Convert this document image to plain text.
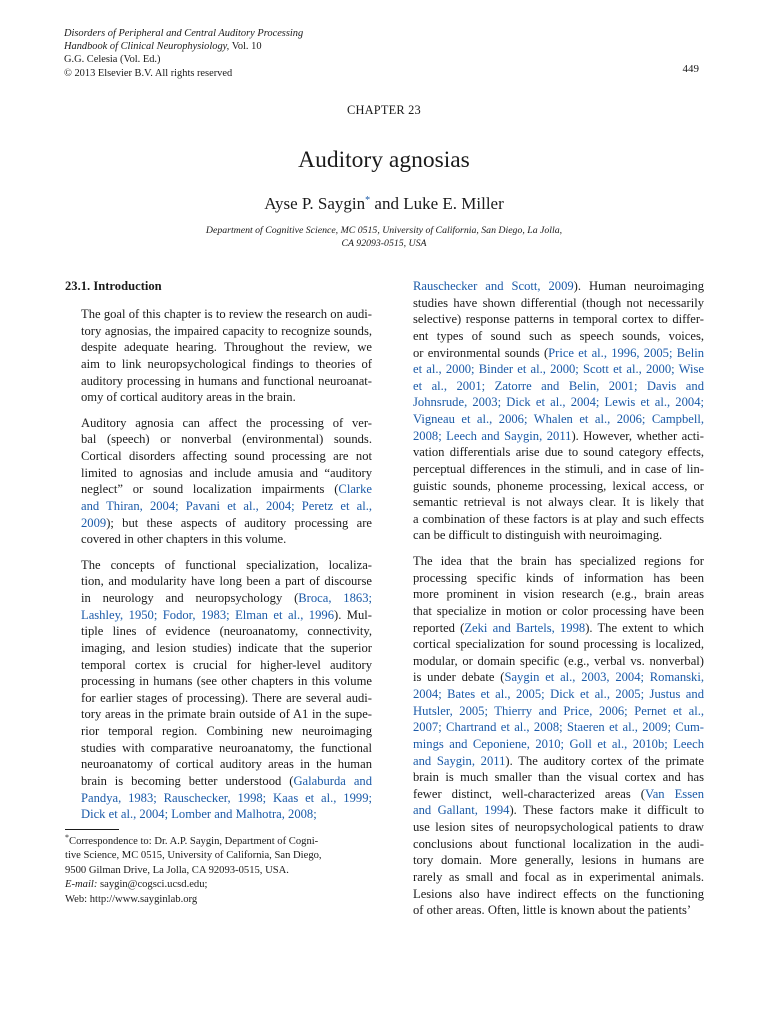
Disorders of Peripheral and Central Auditory Processing
Handbook of Clinical Neurophysiology, Vol. 10
G.G. Celesia (Vol. Ed.)
© 2013 Elsevier B.V. All rights reserved	449
CHAPTER 23
Auditory agnosias
Ayse P. Saygin* and Luke E. Miller
Department of Cognitive Science, MC 0515, University of California, San Diego, La Jolla,
CA 92093-0515, USA
23.1. Introduction
The goal of this chapter is to review the research on audi-
tory agnosias, the impaired capacity to recognize sounds,
despite adequate hearing. Throughout the review, we
aim to link neuropsychological findings to theories of
auditory processing in humans and functional neuroanat-
omy of cortical auditory areas in the brain.
Auditory agnosia can affect the processing of ver-
bal (speech) or nonverbal (environmental) sounds.
Cortical disorders affecting sound processing are not
limited to agnosias and include amusia and “auditory
neglect” or sound localization impairments (Clarke
and Thiran, 2004; Pavani et al., 2004; Peretz et al.,
2009); but these aspects of auditory processing are
covered in other chapters in this volume.
The concepts of functional specialization, localiza-
tion, and modularity have long been a part of discourse
in neurology and neuropsychology (Broca, 1863;
Lashley, 1950; Fodor, 1983; Elman et al., 1996). Mul-
tiple lines of evidence (neuroanatomy, connectivity,
imaging, and lesion studies) indicate that the superior
temporal cortex is crucial for higher-level auditory
processing in humans (see other chapters in this volume
for earlier stages of processing). There are several audi-
tory areas in the primate brain outside of A1 in the supe-
rior temporal region. Combining new neuroimaging
studies with comparative neuroanatomy, the functional
neuroanatomy of cortical auditory areas in the human
brain is becoming better understood (Galaburda and
Pandya, 1983; Rauschecker, 1998; Kaas et al., 1999;
Dick et al., 2004; Lomber and Malhotra, 2008;
Rauschecker and Scott, 2009). Human neuroimaging
studies have shown differential (though not necessarily
selective) response patterns in temporal cortex to differ-
ent types of sound such as speech sounds, voices,
or environmental sounds (Price et al., 1996, 2005; Belin
et al., 2000; Binder et al., 2000; Scott et al., 2000; Wise
et al., 2001; Zatorre and Belin, 2001; Davis and
Johnsrude, 2003; Dick et al., 2004; Lewis et al., 2004;
Vigneau et al., 2006; Whalen et al., 2006; Campbell,
2008; Leech and Saygin, 2011). However, whether acti-
vation differentials arise due to sound category effects,
perceptual differences in the stimuli, and in case of lin-
guistic sounds, phoneme processing, lexical access, or
semantic retrieval is not always clear. It is likely that
a combination of these factors is at play and such effects
can be difficult to distinguish with neuroimaging.
The idea that the brain has specialized regions for
processing specific kinds of information has been
more prominent in vision research (e.g., brain areas
that specialize in motion or color processing have been
reported (Zeki and Bartels, 1998). The extent to which
cortical specialization for sound processing is localized,
modular, or domain specific (e.g., verbal vs. nonverbal)
is under debate (Saygin et al., 2003, 2004; Romanski,
2004; Bates et al., 2005; Dick et al., 2005; Justus and
Hutsler, 2005; Thierry and Price, 2006; Pernet et al.,
2007; Chartrand et al., 2008; Staeren et al., 2009; Cum-
mings and Ceponiene, 2010; Goll et al., 2010b; Leech
and Saygin, 2011). The auditory cortex of the primate
brain is much smaller than the visual cortex and has
fewer distinct, well-characterized areas (Van Essen
and Gallant, 1994). These factors make it difficult to
use lesion sites of neuropsychological patients to draw
conclusions about functional localization in the audi-
tory domain. More generally, lesions in humans are
rarely as small and focal as in experimental animals.
Lesions also have indirect effects on the functioning
of other areas. Often, little is known about the patients’
*Correspondence to: Dr. A.P. Saygin, Department of Cogni-
tive Science, MC 0515, University of California, San Diego,
9500 Gilman Drive, La Jolla, CA 92093-0515, USA.
E-mail: saygin@cogsci.ucsd.edu;
Web: http://www.sayginlab.org
